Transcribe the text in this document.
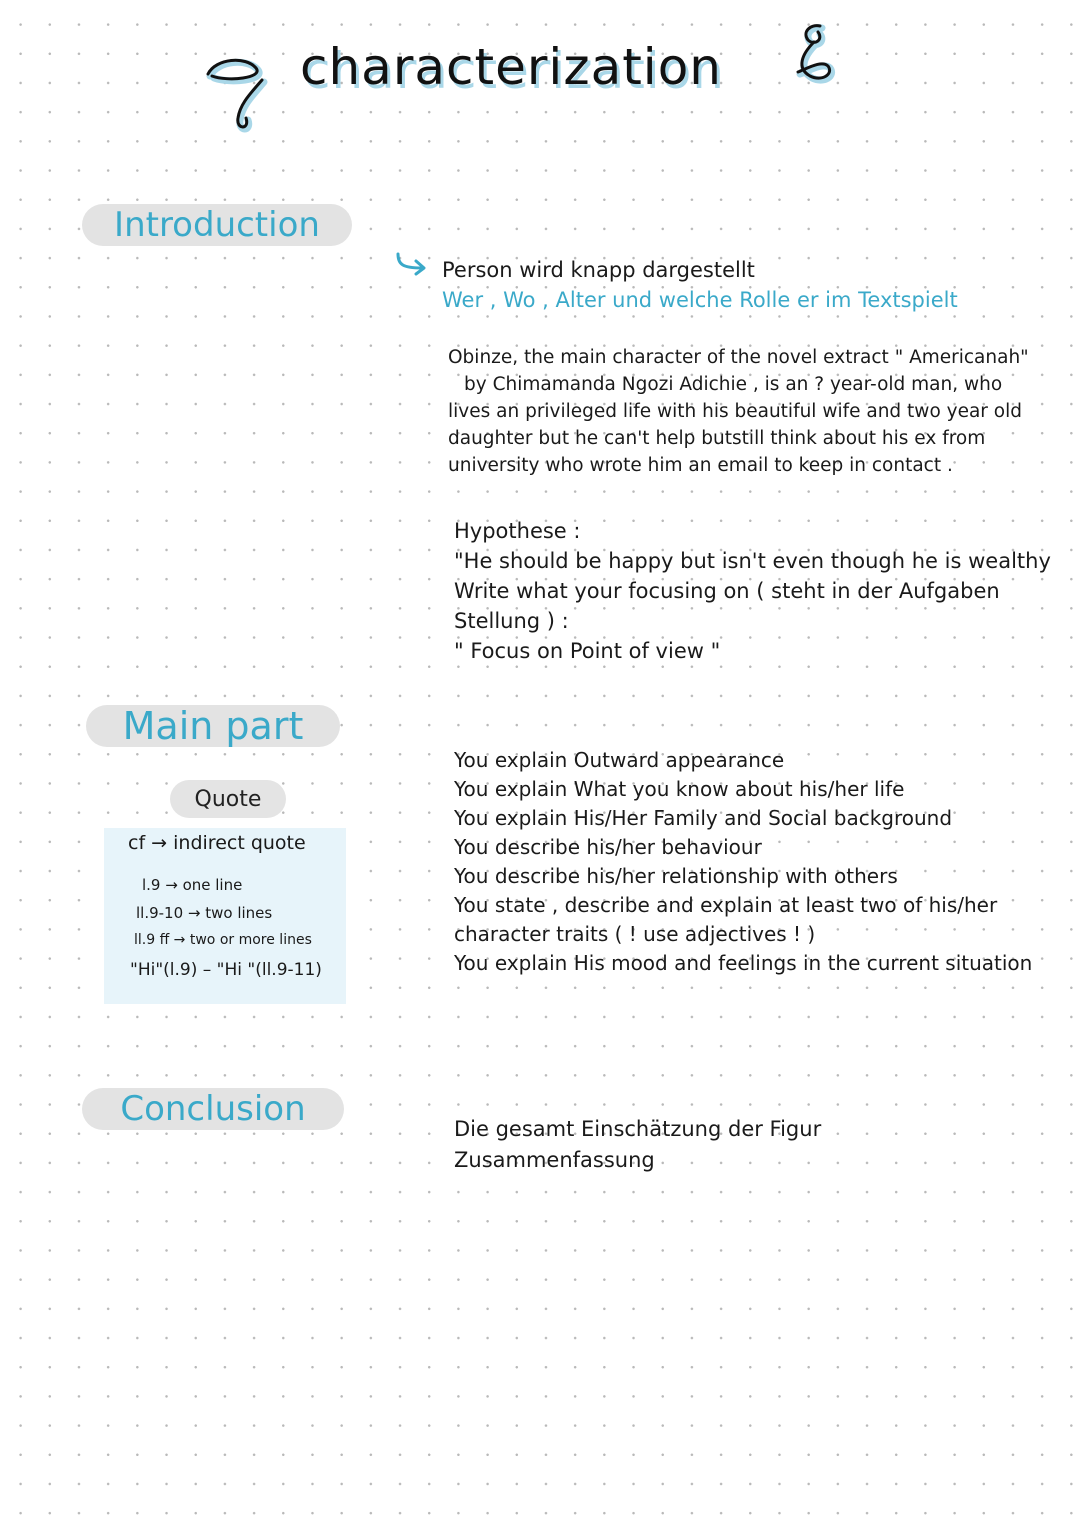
characterization
Introduction
Person wird knapp dargestellt
Wer , Wo , Alter und welche Rolle er im Textspielt
Obinze, the main character of the novel extract " Americanah"
by Chimamanda Ngozi Adichie , is an ? year-old man, who
lives an privileged life with his beautiful wife and two year old
daughter but he can't help butstill think about his ex from
university who wrote him an email to keep in contact .
Hypothese :
"He should be happy but isn't even though he is wealthy
Write what your focusing on ( steht in der Aufgaben
Stellung ) :
" Focus on Point of view "
Main part
Quote
cf → indirect quote
l.9 → one line
ll.9-10 → two lines
ll.9 ff → two or more lines
"Hi"(l.9) – "Hi "(ll.9-11)
You explain Outward appearance
You explain What you know about his/her life
You explain His/Her Family and Social background
You describe his/her behaviour
You describe his/her relationship with others
You state , describe and explain at least two of his/her
character traits ( ! use adjectives ! )
You explain His mood and feelings in the current situation
Conclusion	Die gesamt Einschätzung der Figur
Zusammenfassung
